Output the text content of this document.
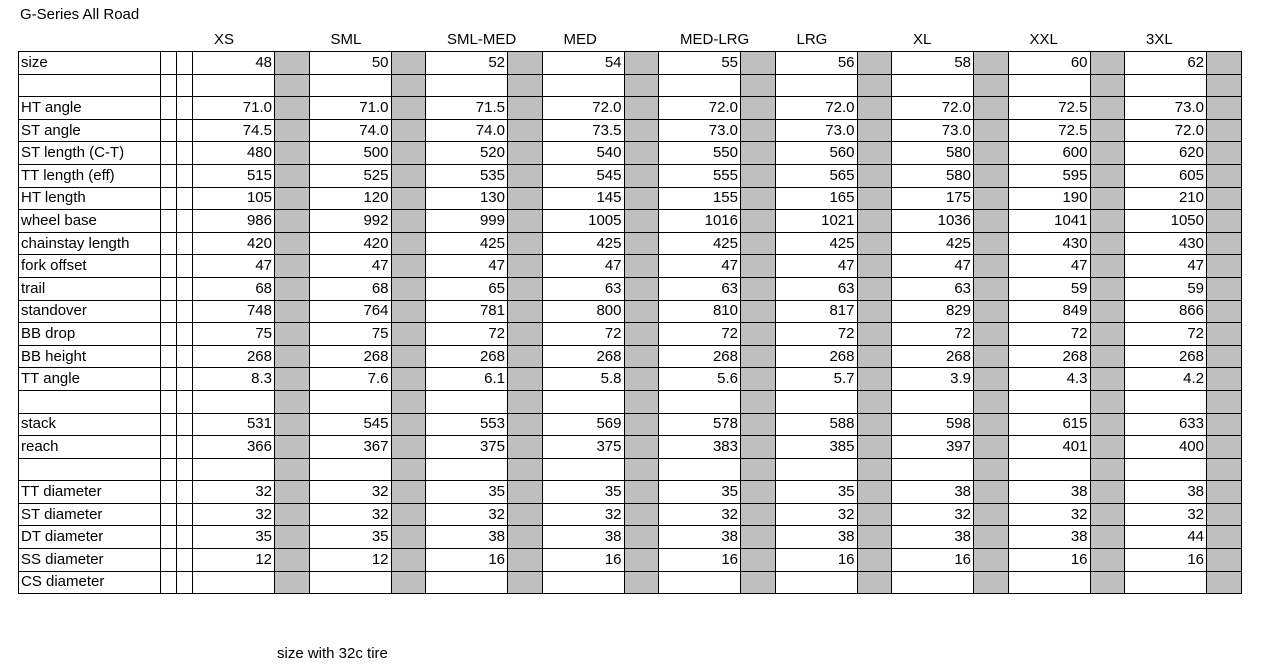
G-Series All Road
XS	SML	SML-MED	MED	MED-LRG	LRG	XL	XXL	3XL
size			48		50		52		54		55		56		58		60		62	

HT angle			71.0		71.0		71.5		72.0		72.0		72.0		72.0		72.5		73.0	
ST angle			74.5		74.0		74.0		73.5		73.0		73.0		73.0		72.5		72.0	
ST length (C-T)			480		500		520		540		550		560		580		600		620	
TT length (eff)			515		525		535		545		555		565		580		595		605	
HT length			105		120		130		145		155		165		175		190		210	
wheel base			986		992		999		1005		1016		1021		1036		1041		1050	
chainstay length			420		420		425		425		425		425		425		430		430	
fork offset			47		47		47		47		47		47		47		47		47	
trail			68		68		65		63		63		63		63		59		59	
standover			748		764		781		800		810		817		829		849		866	
BB drop			75		75		72		72		72		72		72		72		72	
BB height			268		268		268		268		268		268		268		268		268	
TT angle			8.3		7.6		6.1		5.8		5.6		5.7		3.9		4.3		4.2	

stack			531		545		553		569		578		588		598		615		633	
reach			366		367		375		375		383		385		397		401		400	

TT diameter			32		32		35		35		35		35		38		38		38	
ST diameter			32		32		32		32		32		32		32		32		32	
DT diameter			35		35		38		38		38		38		38		38		44	
SS diameter			12		12		16		16		16		16		16		16		16	
CS diameter																				
size with 32c tire
